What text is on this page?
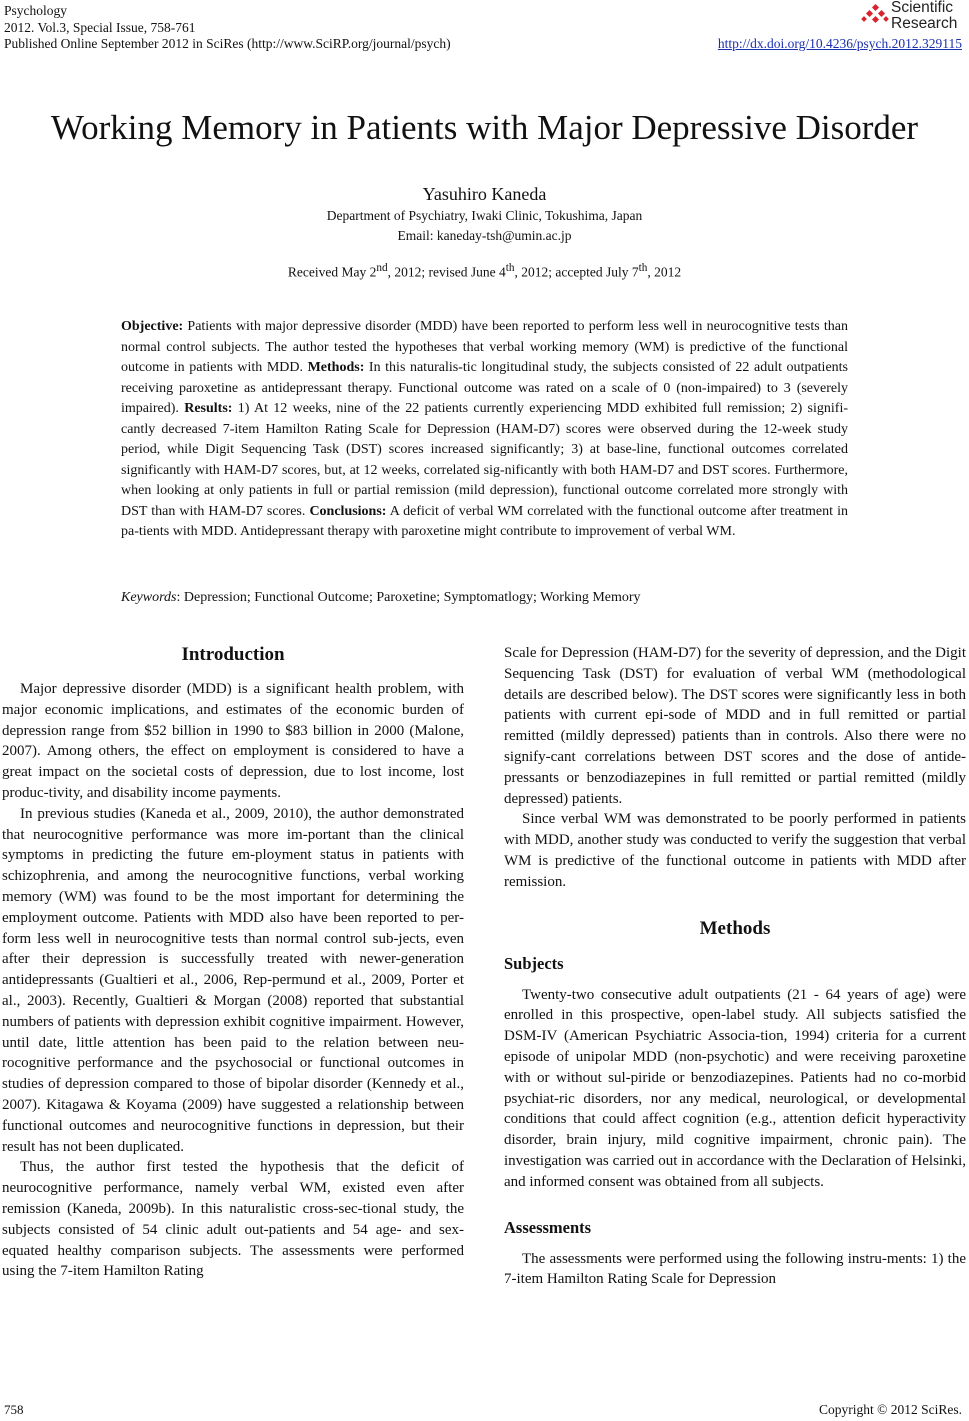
Psychology
2012. Vol.3, Special Issue, 758-761
Published Online September 2012 in SciRes (http://www.SciRP.org/journal/psych)	http://dx.doi.org/10.4236/psych.2012.329115
Scientific
Research
Working Memory in Patients with Major Depressive Disorder
Yasuhiro Kaneda
Department of Psychiatry, Iwaki Clinic, Tokushima, Japan
Email: kaneday-tsh@umin.ac.jp
Received May 2nd, 2012; revised June 4th, 2012; accepted July 7th, 2012
Objective: Patients with major depressive disorder (MDD) have been reported to perform less well in neurocognitive tests than normal control subjects. The author tested the hypotheses that verbal working memory (WM) is predictive of the functional outcome in patients with MDD. Methods: In this naturalis-tic longitudinal study, the subjects consisted of 22 adult outpatients receiving paroxetine as antidepressant therapy. Functional outcome was rated on a scale of 0 (non-impaired) to 3 (severely impaired). Results: 1) At 12 weeks, nine of the 22 patients currently experiencing MDD exhibited full remission; 2) signifi-cantly decreased 7-item Hamilton Rating Scale for Depression (HAM-D7) scores were observed during the 12-week study period, while Digit Sequencing Task (DST) scores increased significantly; 3) at base-line, functional outcomes correlated significantly with HAM-D7 scores, but, at 12 weeks, correlated sig-nificantly with both HAM-D7 and DST scores. Furthermore, when looking at only patients in full or partial remission (mild depression), functional outcome correlated more strongly with DST than with HAM-D7 scores. Conclusions: A deficit of verbal WM correlated with the functional outcome after treatment in pa-tients with MDD. Antidepressant therapy with paroxetine might contribute to improvement of verbal WM.
Keywords: Depression; Functional Outcome; Paroxetine; Symptomatlogy; Working Memory
Introduction

Major depressive disorder (MDD) is a significant health problem, with major economic implications, and estimates of the economic burden of depression range from $52 billion in 1990 to $83 billion in 2000 (Malone, 2007). Among others, the effect on employment is considered to have a great impact on the societal costs of depression, due to lost income, lost produc-tivity, and disability income payments.

In previous studies (Kaneda et al., 2009, 2010), the author demonstrated that neurocognitive performance was more im-portant than the clinical symptoms in predicting the future em-ployment status in patients with schizophrenia, and among the neurocognitive functions, verbal working memory (WM) was found to be the most important for determining the employment outcome. Patients with MDD also have been reported to per-form less well in neurocognitive tests than normal control sub-jects, even after their depression is successfully treated with newer-generation antidepressants (Gualtieri et al., 2006, Rep-permund et al., 2009, Porter et al., 2003). Recently, Gualtieri & Morgan (2008) reported that substantial numbers of patients with depression exhibit cognitive impairment. However, until date, little attention has been paid to the relation between neu-rocognitive performance and the psychosocial or functional outcomes in studies of depression compared to those of bipolar disorder (Kennedy et al., 2007). Kitagawa & Koyama (2009) have suggested a relationship between functional outcomes and neurocognitive functions in depression, but their result has not been duplicated.

Thus, the author first tested the hypothesis that the deficit of neurocognitive performance, namely verbal WM, existed even after remission (Kaneda, 2009b). In this naturalistic cross-sec-tional study, the subjects consisted of 54 clinic adult out-patients and 54 age- and sex-equated healthy comparison subjects. The assessments were performed using the 7-item Hamilton Rating

Scale for Depression (HAM-D7) for the severity of depression, and the Digit Sequencing Task (DST) for evaluation of verbal WM (methodological details are described below). The DST scores were significantly less in both patients with current epi-sode of MDD and in full remitted or partial remitted (mildly depressed) patients than in controls. Also there were no signify-cant correlations between DST scores and the dose of antide-pressants or benzodiazepines in full remitted or partial remitted (mildly depressed) patients.

Since verbal WM was demonstrated to be poorly performed in patients with MDD, another study was conducted to verify the suggestion that verbal WM is predictive of the functional outcome in patients with MDD after remission.

Methods
Subjects

Twenty-two consecutive adult outpatients (21 - 64 years of age) were enrolled in this prospective, open-label study. All subjects satisfied the DSM-IV (American Psychiatric Associa-tion, 1994) criteria for a current episode of unipolar MDD (non-psychotic) and were receiving paroxetine with or without sul-piride or benzodiazepines. Patients had no co-morbid psychiat-ric disorders, nor any medical, neurological, or developmental conditions that could affect cognition (e.g., attention deficit hyperactivity disorder, brain injury, mild cognitive impairment, chronic pain). The investigation was carried out in accordance with the Declaration of Helsinki, and informed consent was obtained from all subjects.

Assessments

The assessments were performed using the following instru-ments: 1) the 7-item Hamilton Rating Scale for Depression

758	Copyright © 2012 SciRes.
